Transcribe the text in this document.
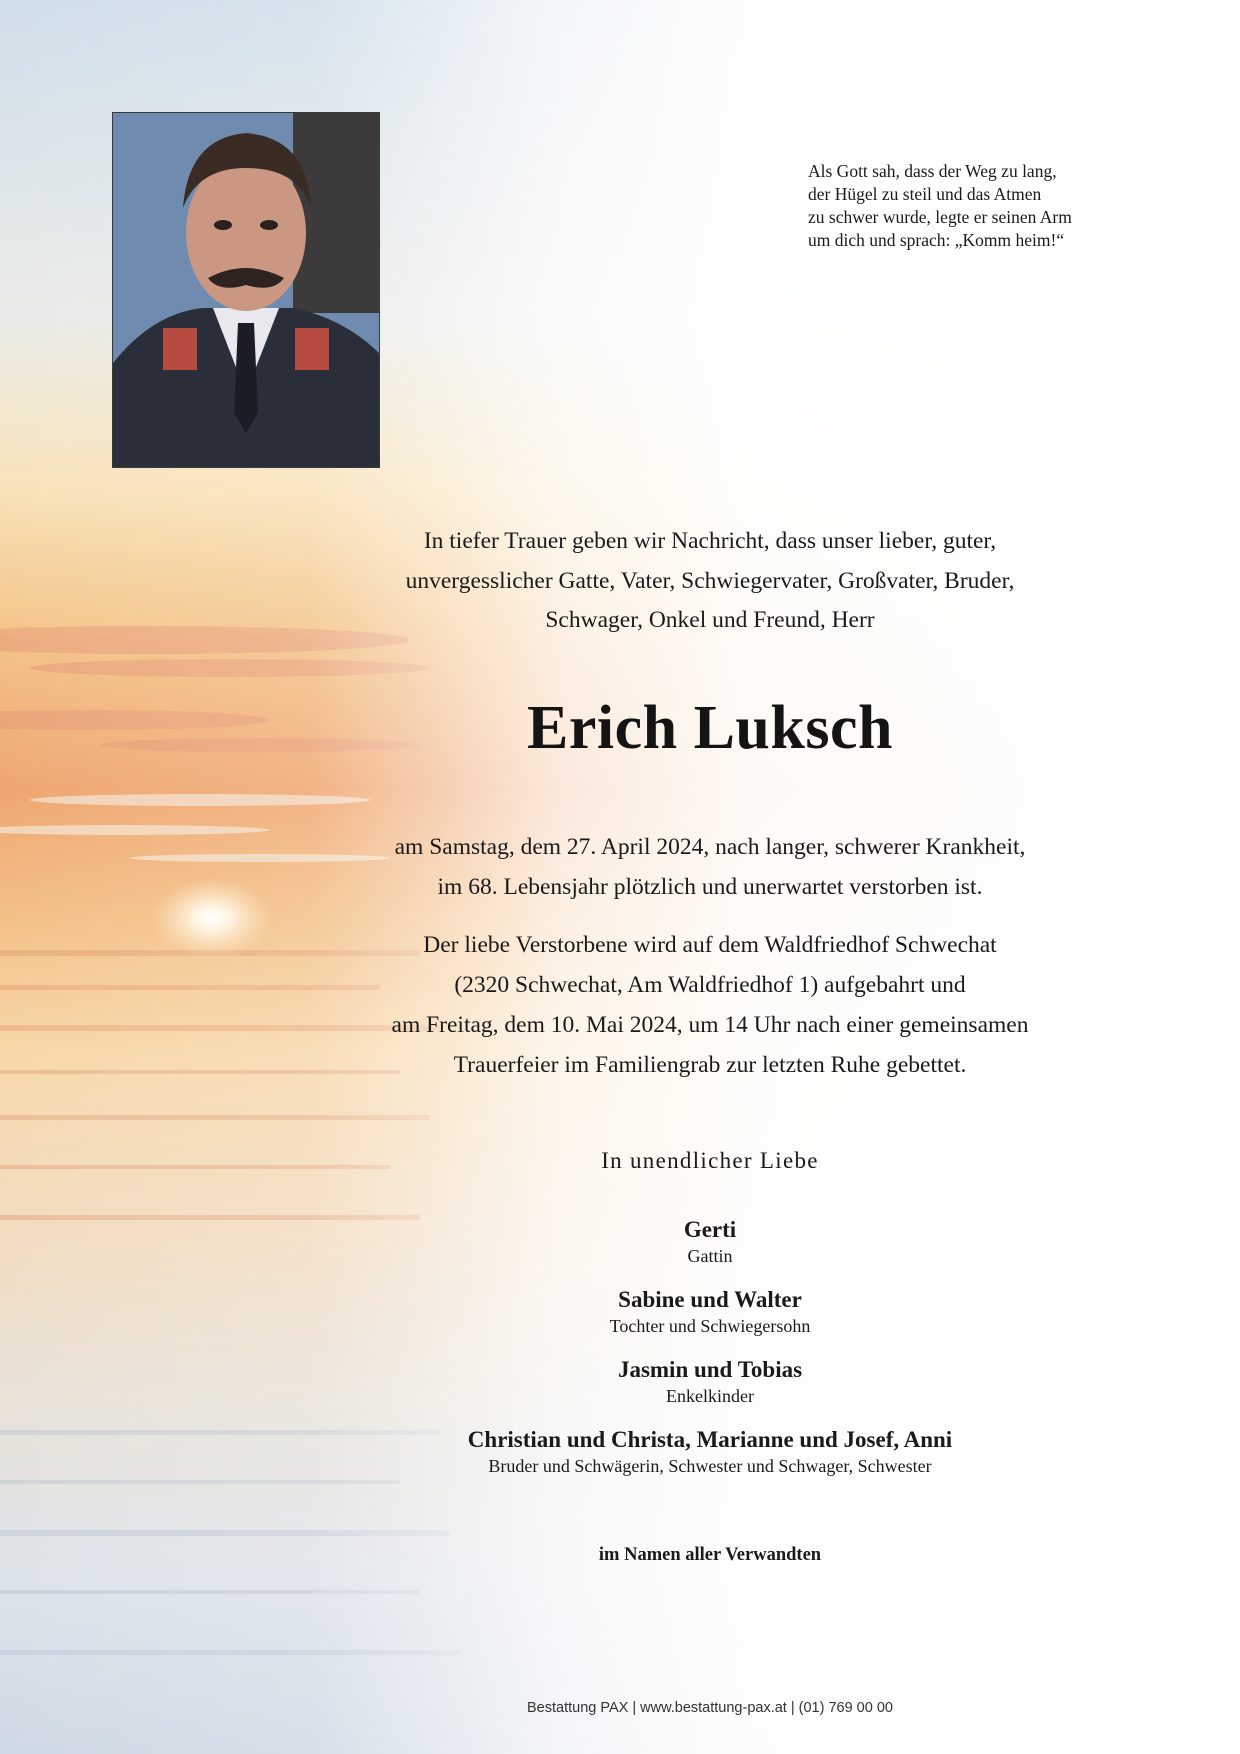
Als Gott sah, dass der Weg zu lang,
der Hügel zu steil und das Atmen
zu schwer wurde, legte er seinen Arm
um dich und sprach: „Komm heim!“
In tiefer Trauer geben wir Nachricht, dass unser lieber, guter,
unvergesslicher Gatte, Vater, Schwiegervater, Großvater, Bruder,
Schwager, Onkel und Freund, Herr
Erich Luksch
am Samstag, dem 27. April 2024, nach langer, schwerer Krankheit,
im 68. Lebensjahr plötzlich und unerwartet verstorben ist.
Der liebe Verstorbene wird auf dem Waldfriedhof Schwechat
(2320 Schwechat, Am Waldfriedhof 1) aufgebahrt und
am Freitag, dem 10. Mai 2024, um 14 Uhr nach einer gemeinsamen
Trauerfeier im Familiengrab zur letzten Ruhe gebettet.
In unendlicher Liebe
Gerti
Gattin
Sabine und Walter
Tochter und Schwiegersohn
Jasmin und Tobias
Enkelkinder
Christian und Christa, Marianne und Josef, Anni
Bruder und Schwägerin, Schwester und Schwager, Schwester
im Namen aller Verwandten
Bestattung PAX | www.bestattung-pax.at | (01) 769 00 00
